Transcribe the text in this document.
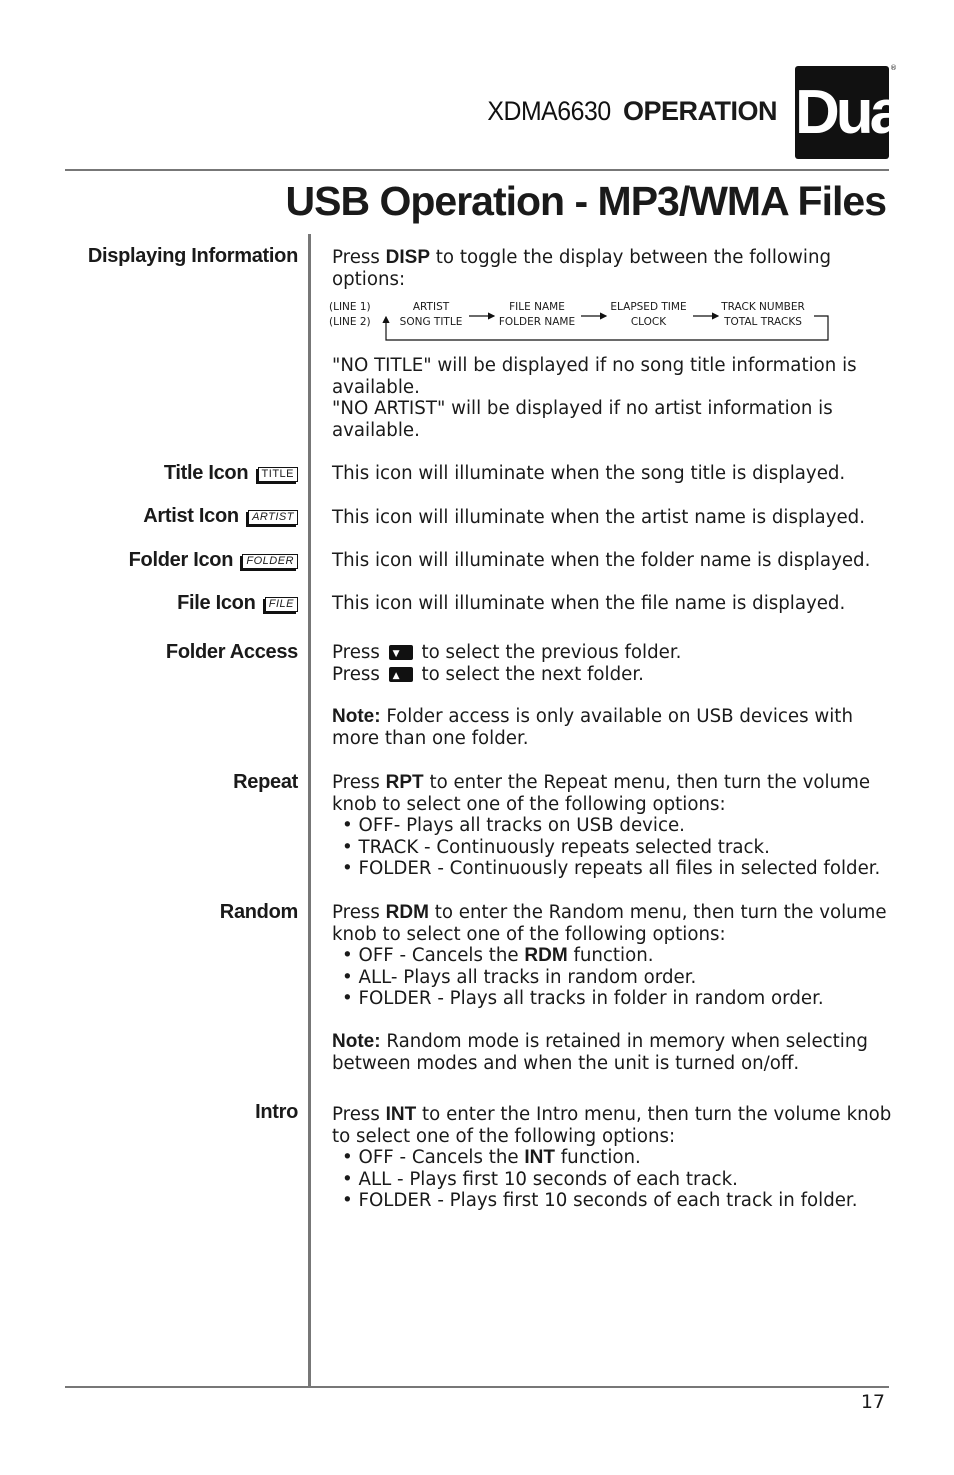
XDMA6630 OPERATION Dual
®
USB Operation - MP3/WMA Files
Displaying Information Press DISP to toggle the display between the following options:

(LINE 1)
(LINE 2)
ARTIST
SONG TITLE
FILE NAME
FOLDER NAME
ELAPSED TIME
CLOCK
TRACK NUMBER
TOTAL TRACKS

"NO TITLE" will be displayed if no song title information is available.

"NO ARTIST" will be displayed if no artist information is available.

Title Icon TITLE This icon will illuminate when the song title is displayed.
Artist Icon ARTIST This icon will illuminate when the artist name is displayed.
Folder Icon FOLDER This icon will illuminate when the folder name is displayed.
File Icon FILE This icon will illuminate when the file name is displayed.
Folder Access Press ▼ to select the previous folder.

Press ▲ to select the next folder.

Note: Folder access is only available on USB devices with more than one folder.

Repeat Press RPT to enter the Repeat menu, then turn the volume knob to select one of the following options:

• OFF- Plays all tracks on USB device.

• TRACK - Continuously repeats selected track.

• FOLDER - Continuously repeats all files in selected folder.

Random Press RDM to enter the Random menu, then turn the volume knob to select one of the following options:

• OFF - Cancels the RDM function.

• ALL- Plays all tracks in random order.

• FOLDER - Plays all tracks in folder in random order.

Note: Random mode is retained in memory when selecting between modes and when the unit is turned on/off.

Intro Press INT to enter the Intro menu, then turn the volume knob to select one of the following options:

• OFF - Cancels the INT function.

• ALL - Plays first 10 seconds of each track.

• FOLDER - Plays first 10 seconds of each track in folder.

17
